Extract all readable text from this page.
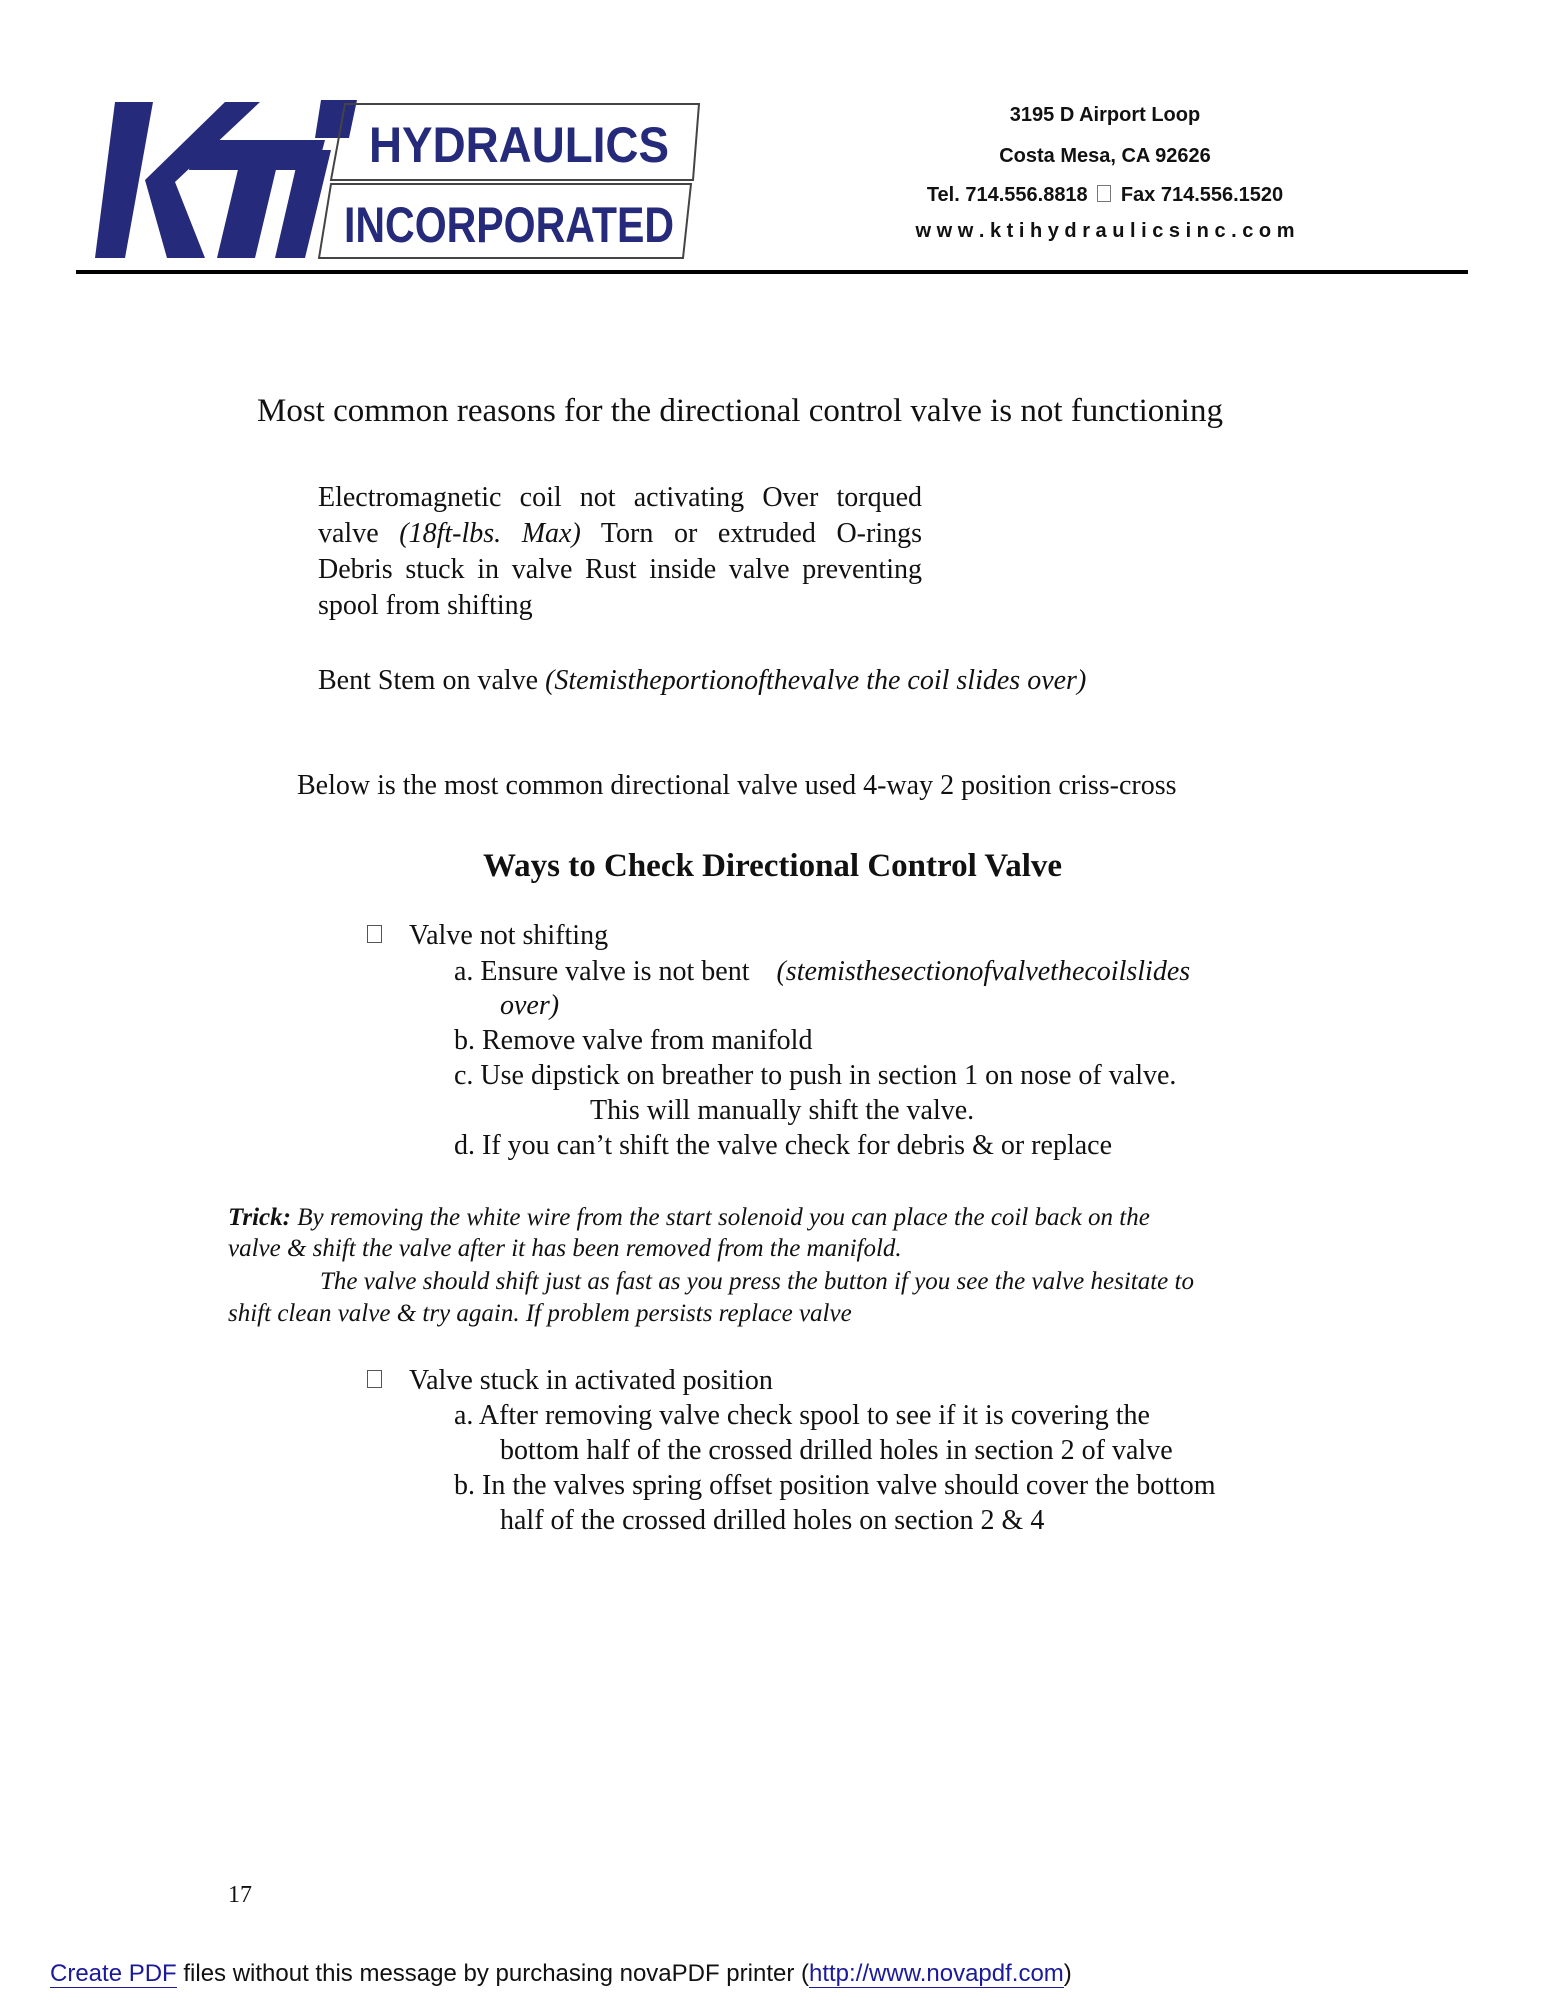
HYDRAULICS
INCORPORATED
3195 D Airport Loop
Costa Mesa, CA 92626
Tel. 714.556.8818 Fax 714.556.1520
w w w . k t i h y d r a u l i c s i n c . c o m
Most common reasons for the directional control valve is not functioning
Electromagnetic coil not activating Over torqued valve (18ft-lbs. Max) Torn or extruded O-rings Debris stuck in valve Rust inside valve preventing spool from shifting
Bent Stem on valve (Stemistheportionofthevalve the coil slides over)
Below is the most common directional valve used 4-way 2 position criss-cross
Ways to Check Directional Control Valve
Valve not shifting
a. Ensure valve is not bent (stemisthesectionofvalvethecoilslides
over)
b. Remove valve from manifold
c. Use dipstick on breather to push in section 1 on nose of valve.
This will manually shift the valve.
d. If you can’t shift the valve check for debris & or replace
Trick: By removing the white wire from the start solenoid you can place the coil back on the
valve & shift the valve after it has been removed from the manifold.
The valve should shift just as fast as you press the button if you see the valve hesitate to
shift clean valve & try again. If problem persists replace valve
Valve stuck in activated position
a. After removing valve check spool to see if it is covering the
bottom half of the crossed drilled holes in section 2 of valve
b. In the valves spring offset position valve should cover the bottom
half of the crossed drilled holes on section 2 & 4
17
Create PDF files without this message by purchasing novaPDF printer (http://www.novapdf.com)
